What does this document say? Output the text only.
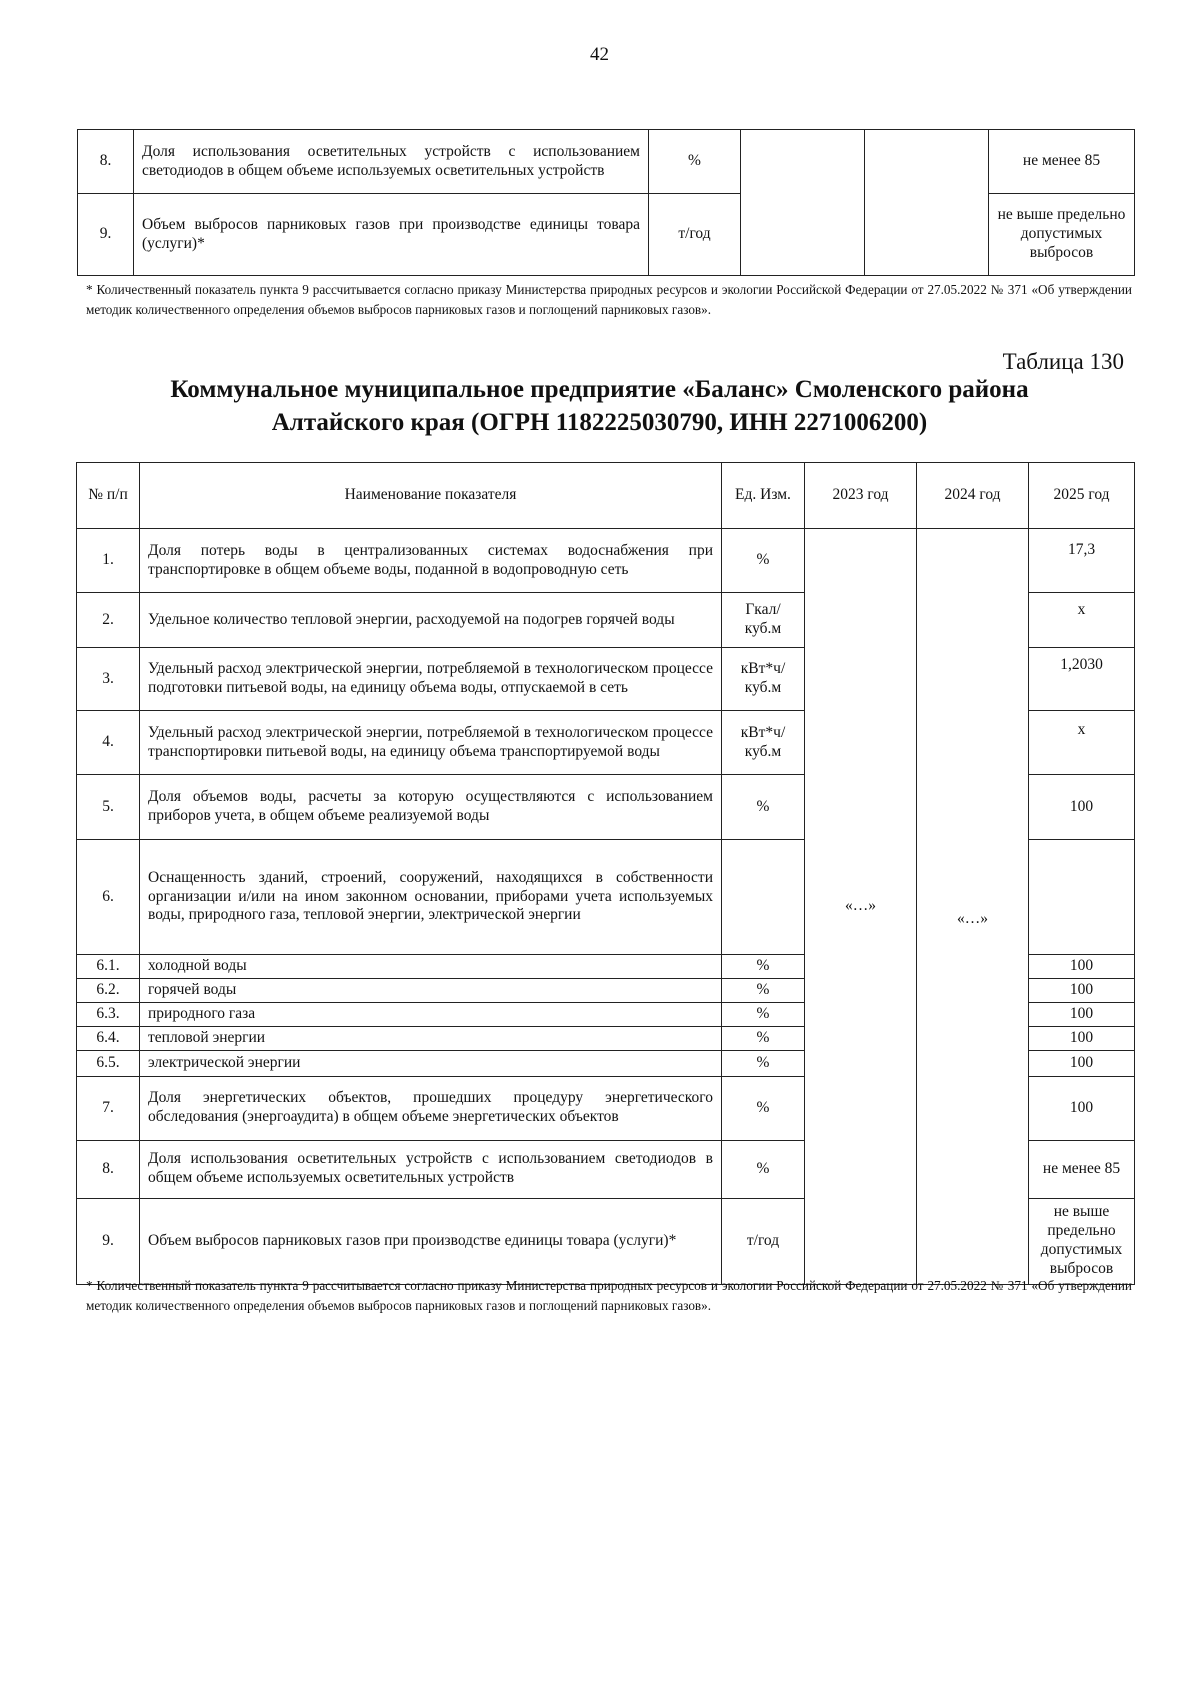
42
8.	Доля использования осветительных устройств с использованием светодиодов в общем объеме используемых осветительных устройств	%			не менее 85
9.	Объем выбросов парниковых газов при производстве единицы товара (услуги)*	т/год			не выше предельно допустимых выбросов
* Количественный показатель пункта 9 рассчитывается согласно приказу Министерства природных ресурсов и экологии Российской Федерации от 27.05.2022 № 371 «Об утверждении методик количественного определения объемов выбросов парниковых газов и поглощений парниковых газов».
Таблица 130
Коммунальное муниципальное предприятие «Баланс» Смоленского района
Алтайского края (ОГРН 1182225030790, ИНН 2271006200)
№ п/п	Наименование показателя	Ед. Изм.	2023 год	2024 год	2025 год
1.	Доля потерь воды в централизованных системах водоснабжения при транспортировке в общем объеме воды, поданной в водопроводную сеть	%	«…»	«…»	17,3
2.	Удельное количество тепловой энергии, расходуемой на подогрев горячей воды	Гкал/ куб.м			х
3.	Удельный расход электрической энергии, потребляемой в технологическом процессе подготовки питьевой воды, на единицу объема воды, отпускаемой в сеть	кВт*ч/ куб.м			1,2030
4.	Удельный расход электрической энергии, потребляемой в технологическом процессе транспортировки питьевой воды, на единицу объема транспортируемой воды	кВт*ч/ куб.м			х
5.	Доля объемов воды, расчеты за которую осуществляются с использованием приборов учета, в общем объеме реализуемой воды	%			100
6.	Оснащенность зданий, строений, сооружений, находящихся в собственности организации и/или на ином законном основании, приборами учета используемых воды, природного газа, тепловой энергии, электрической энергии				
6.1.	холодной воды	%			100
6.2.	горячей воды	%			100
6.3.	природного газа	%			100
6.4.	тепловой энергии	%			100
6.5.	электрической энергии	%			100
7.	Доля энергетических объектов, прошедших процедуру энергетического обследования (энергоаудита) в общем объеме энергетических объектов	%			100
8.	Доля использования осветительных устройств с использованием светодиодов в общем объеме используемых осветительных устройств	%			не менее 85
9.	Объем выбросов парниковых газов при производстве единицы товара (услуги)*	т/год			не выше предельно допустимых выбросов
* Количественный показатель пункта 9 рассчитывается согласно приказу Министерства природных ресурсов и экологии Российской Федерации от 27.05.2022 № 371 «Об утверждении методик количественного определения объемов выбросов парниковых газов и поглощений парниковых газов».
